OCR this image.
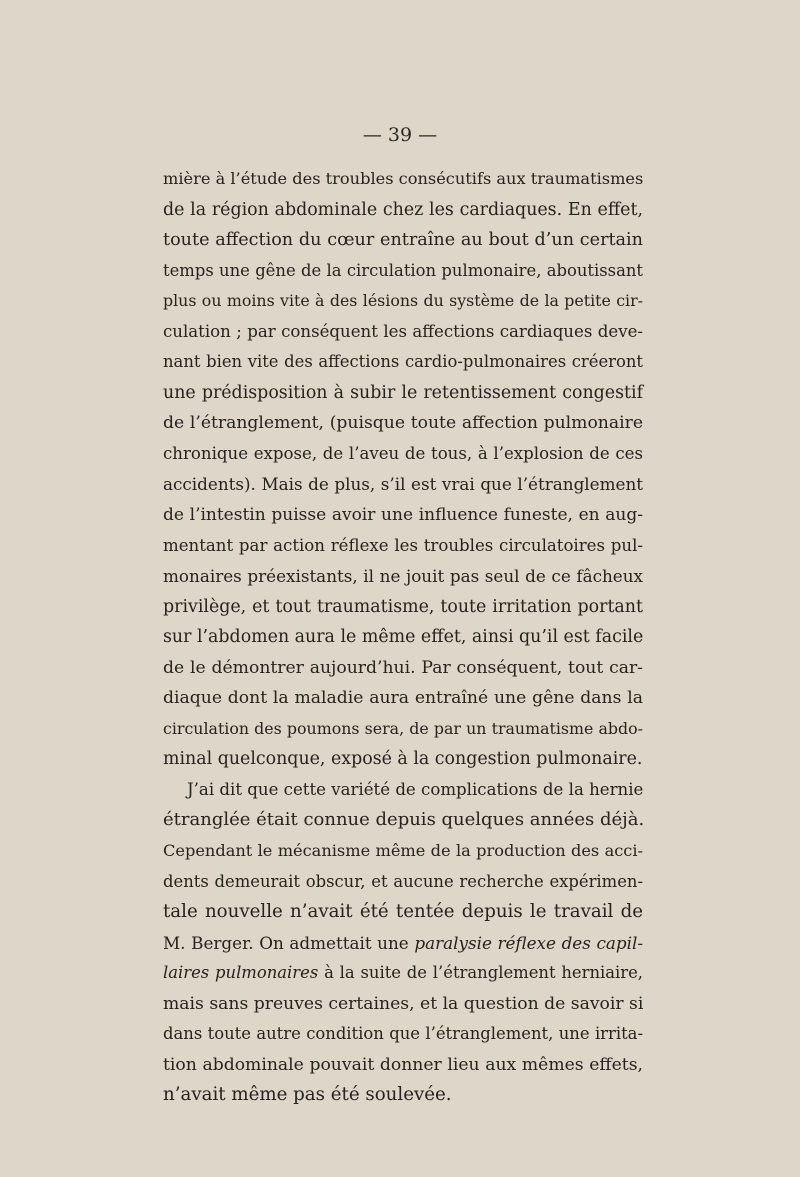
— 39 —
mière à l’étude des troubles consécutifs aux traumatismes
de la région abdominale chez les cardiaques. En effet,
toute affection du cœur entraîne au bout d’un certain
temps une gêne de la circulation pulmonaire, aboutissant
plus ou moins vite à des lésions du système de la petite cir-
culation ; par conséquent les affections cardiaques deve-
nant bien vite des affections cardio-pulmonaires créeront
une prédisposition à subir le retentissement congestif
de l’étranglement, (puisque toute affection pulmonaire
chronique expose, de l’aveu de tous, à l’explosion de ces
accidents). Mais de plus, s’il est vrai que l’étranglement
de l’intestin puisse avoir une influence funeste, en aug-
mentant par action réflexe les troubles circulatoires pul-
monaires préexistants, il ne jouit pas seul de ce fâcheux
privilège, et tout traumatisme, toute irritation portant
sur l’abdomen aura le même effet, ainsi qu’il est facile
de le démontrer aujourd’hui. Par conséquent, tout car-
diaque dont la maladie aura entraîné une gêne dans la
circulation des poumons sera, de par un traumatisme abdo-
minal quelconque, exposé à la congestion pulmonaire.
J’ai dit que cette variété de complications de la hernie
étranglée était connue depuis quelques années déjà.
Cependant le mécanisme même de la production des acci-
dents demeurait obscur, et aucune recherche expérimen-
tale nouvelle n’avait été tentée depuis le travail de
M. Berger. On admettait une paralysie réflexe des capil-
laires pulmonaires à la suite de l’étranglement herniaire,
mais sans preuves certaines, et la question de savoir si
dans toute autre condition que l’étranglement, une irrita-
tion abdominale pouvait donner lieu aux mêmes effets,
n’avait même pas été soulevée.
